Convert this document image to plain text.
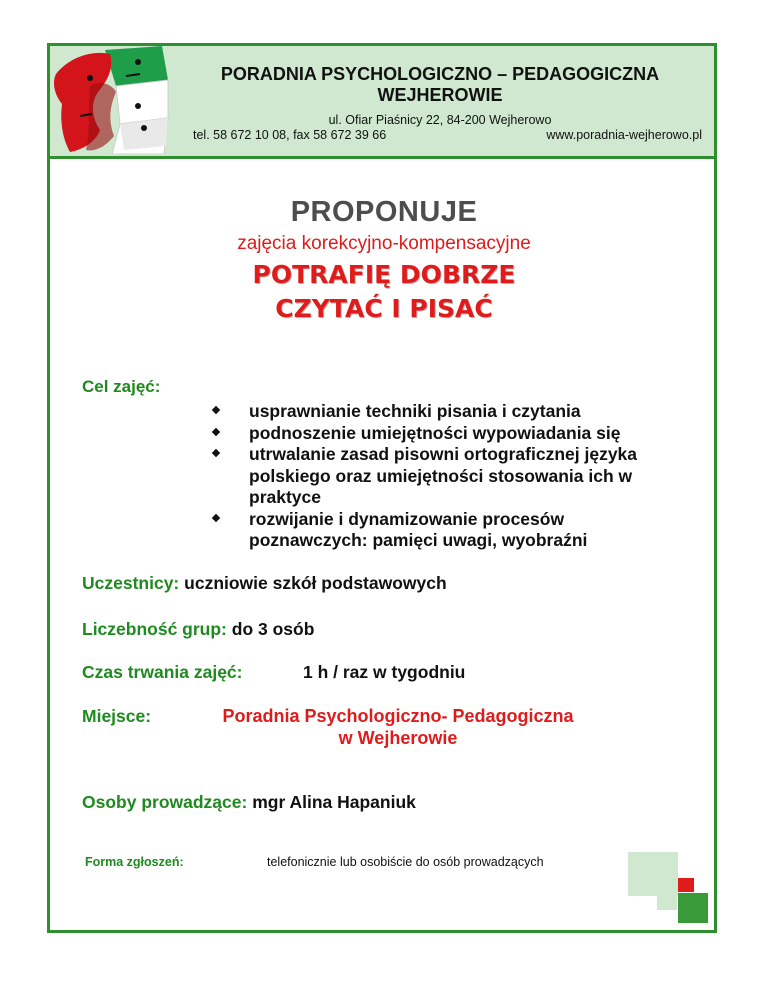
PORADNIA PSYCHOLOGICZNO – PEDAGOGICZNA
WEJHEROWIE
ul. Ofiar Piaśnicy 22, 84-200 Wejherowo
tel. 58 672 10 08, fax 58 672 39 66	www.poradnia-wejherowo.pl
PROPONUJE
zajęcia korekcyjno-kompensacyjne
POTRAFIĘ DOBRZE
CZYTAĆ I PISAĆ
Cel zajęć:
usprawnianie techniki pisania i czytania
podnoszenie umiejętności wypowiadania się
utrwalanie zasad pisowni ortograficznej języka polskiego oraz umiejętności stosowania ich w praktyce
rozwijanie i dynamizowanie procesów poznawczych: pamięci uwagi, wyobraźni
Uczestnicy: uczniowie szkół podstawowych
Liczebność grup: do 3 osób
Czas trwania zajęć:	1 h / raz w tygodniu
Miejsce:	Poradnia Psychologiczno- Pedagogiczna
w Wejherowie
Osoby prowadzące: mgr Alina Hapaniuk
Forma zgłoszeń:	telefonicznie lub osobiście do osób prowadzących
